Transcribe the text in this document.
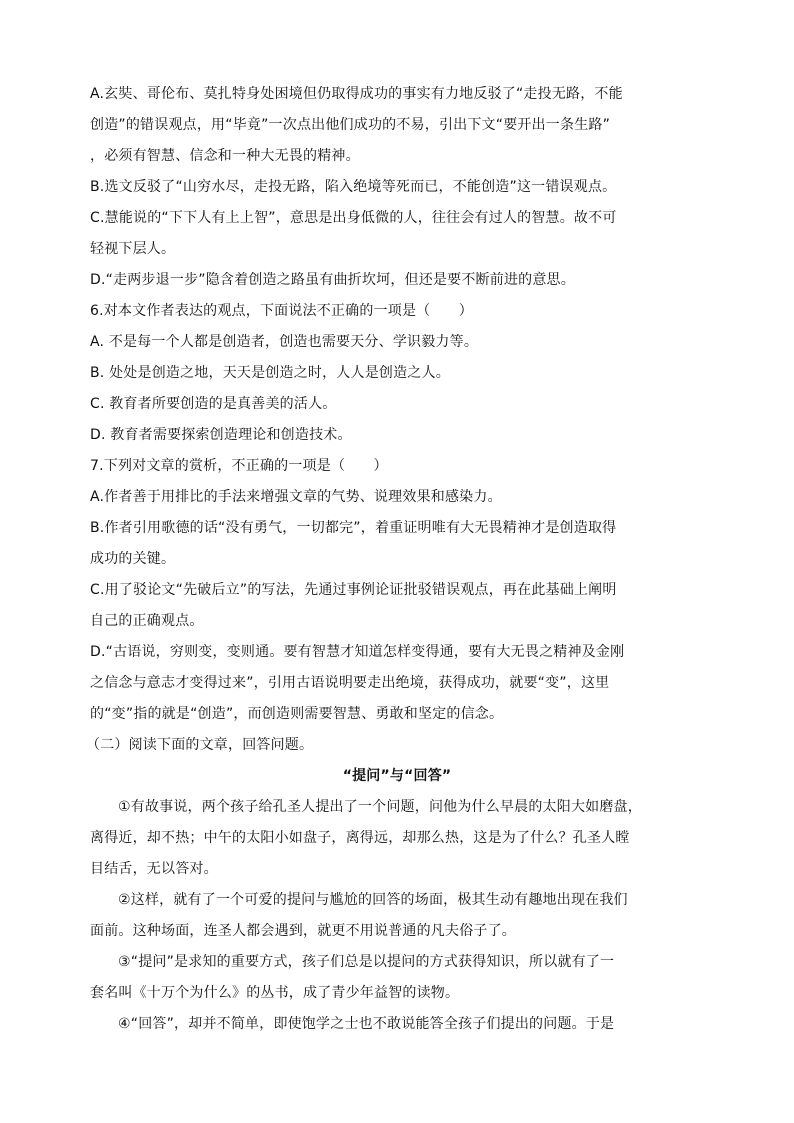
A.玄奘、哥伦布、莫扎特身处困境但仍取得成功的事实有力地反驳了“走投无路，不能
创造”的错误观点，用“毕竟”一次点出他们成功的不易，引出下文“要开出一条生路”
，必须有智慧、信念和一种大无畏的精神。
B.选文反驳了“山穷水尽，走投无路，陷入绝境等死而已，不能创造”这一错误观点。
C.慧能说的“下下人有上上智”，意思是出身低微的人，往往会有过人的智慧。故不可
轻视下层人。
D.“走两步退一步”隐含着创造之路虽有曲折坎坷，但还是要不断前进的意思。
6.对本文作者表达的观点，下面说法不正确的一项是（　　）
A. 不是每一个人都是创造者，创造也需要天分、学识毅力等。
B. 处处是创造之地，天天是创造之时，人人是创造之人。
C. 教育者所要创造的是真善美的活人。
D. 教育者需要探索创造理论和创造技术。
7.下列对文章的赏析，不正确的一项是（　　）
A.作者善于用排比的手法来增强文章的气势、说理效果和感染力。
B.作者引用歌德的话“没有勇气，一切都完”，着重证明唯有大无畏精神才是创造取得
成功的关键。
C.用了驳论文“先破后立”的写法，先通过事例论证批驳错误观点，再在此基础上阐明
自己的正确观点。
D.“古语说，穷则变，变则通。要有智慧才知道怎样变得通，要有大无畏之精神及金刚
之信念与意志才变得过来”，引用古语说明要走出绝境，获得成功，就要“变”，这里
的“变”指的就是“创造”，而创造则需要智慧、勇敢和坚定的信念。
（二）阅读下面的文章，回答问题。
“提问”与“回答”
①有故事说，两个孩子给孔圣人提出了一个问题，问他为什么早晨的太阳大如磨盘，
离得近，却不热；中午的太阳小如盘子，离得远，却那么热，这是为了什么？孔圣人瞠
目结舌，无以答对。
②这样，就有了一个可爱的提问与尴尬的回答的场面，极其生动有趣地出现在我们
面前。这种场面，连圣人都会遇到，就更不用说普通的凡夫俗子了。
③“提问”是求知的重要方式，孩子们总是以提问的方式获得知识，所以就有了一
套名叫《十万个为什么》的丛书，成了青少年益智的读物。
④“回答”，却并不简单，即使饱学之士也不敢说能答全孩子们提出的问题。于是
